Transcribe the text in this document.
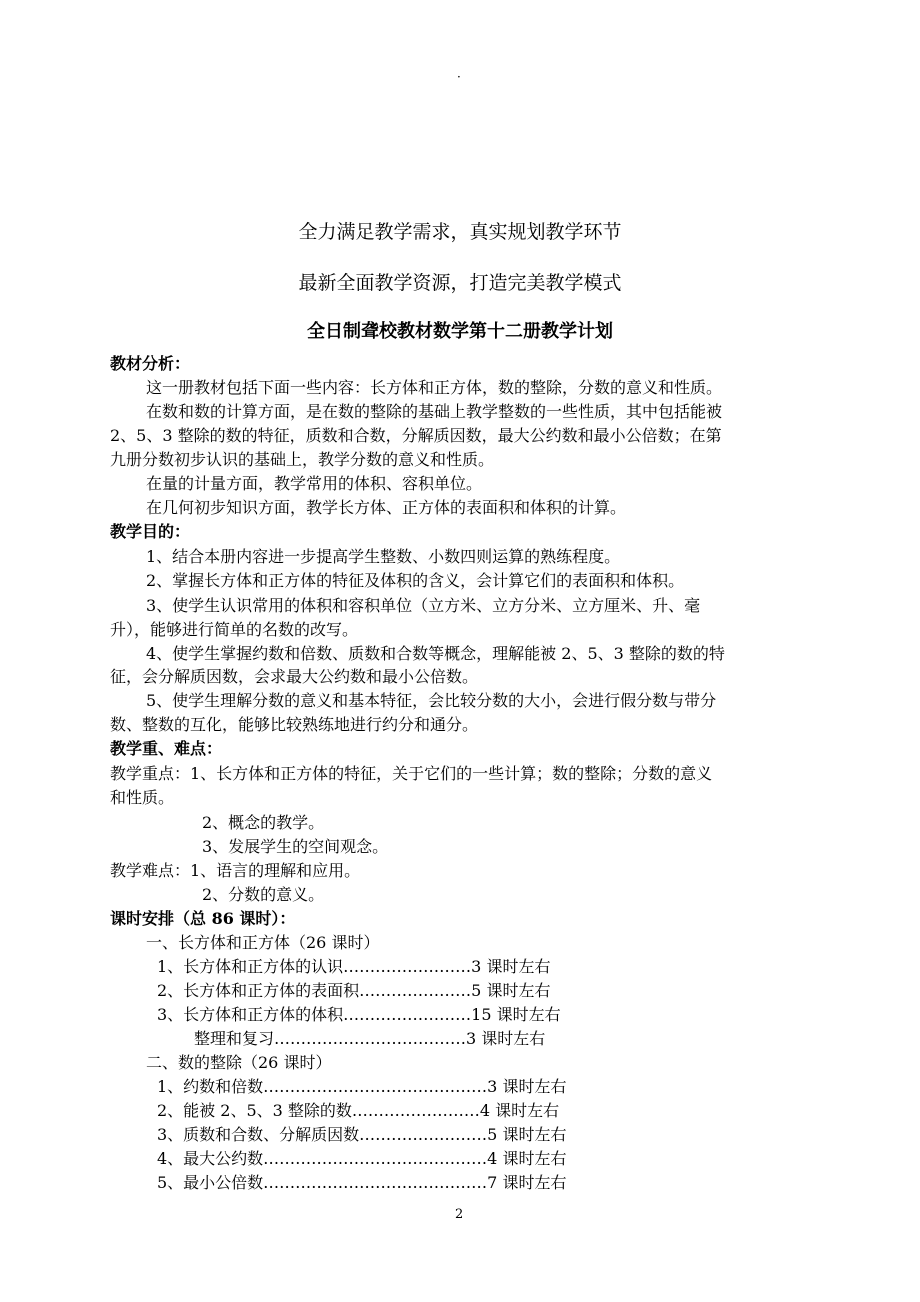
·
全力满足教学需求，真实规划教学环节
最新全面教学资源，打造完美教学模式
全日制聋校教材数学第十二册教学计划
教材分析：
这一册教材包括下面一些内容：长方体和正方体，数的整除，分数的意义和性质。
在数和数的计算方面，是在数的整除的基础上教学整数的一些性质，其中包括能被
2、5、3 整除的数的特征，质数和合数，分解质因数，最大公约数和最小公倍数；在第
九册分数初步认识的基础上，教学分数的意义和性质。
在量的计量方面，教学常用的体积、容积单位。
在几何初步知识方面，教学长方体、正方体的表面积和体积的计算。
教学目的：
1、结合本册内容进一步提高学生整数、小数四则运算的熟练程度。
2、掌握长方体和正方体的特征及体积的含义，会计算它们的表面积和体积。
3、使学生认识常用的体积和容积单位（立方米、立方分米、立方厘米、升、毫
升），能够进行简单的名数的改写。
4、使学生掌握约数和倍数、质数和合数等概念，理解能被 2、5、3 整除的数的特
征，会分解质因数，会求最大公约数和最小公倍数。
5、使学生理解分数的意义和基本特征，会比较分数的大小，会进行假分数与带分
数、整数的互化，能够比较熟练地进行约分和通分。
教学重、难点：
教学重点：1、长方体和正方体的特征，关于它们的一些计算；数的整除；分数的意义
和性质。
2、概念的教学。
3、发展学生的空间观念。
教学难点：1、语言的理解和应用。
2、分数的意义。
课时安排（总 86 课时）：
一、长方体和正方体（26 课时）
1、长方体和正方体的认识……………………3 课时左右
2、长方体和正方体的表面积…………………5 课时左右
3、长方体和正方体的体积……………………15 课时左右
整理和复习………………………………3 课时左右
二、数的整除（26 课时）
1、约数和倍数……………………………………3 课时左右
2、能被 2、5、3 整除的数……………………4 课时左右
3、质数和合数、分解质因数……………………5 课时左右
4、最大公约数……………………………………4 课时左右
5、最小公倍数……………………………………7 课时左右
2
